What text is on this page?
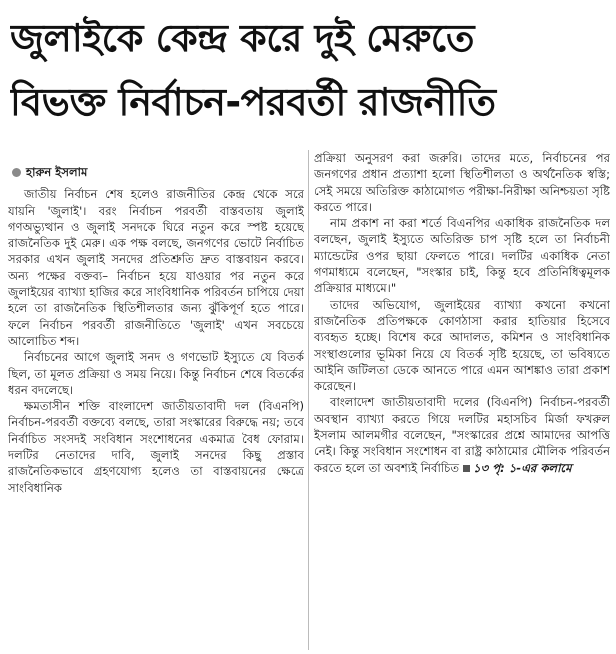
জুলাইকে কেন্দ্র করে দুই মেরুতে
বিভক্ত নির্বাচন-পরবর্তী রাজনীতি
হারুন ইসলাম

জাতীয় নির্বাচন শেষ হলেও রাজনীতির কেন্দ্র থেকে সরে যায়নি 'জুলাই'। বরং নির্বাচন পরবর্তী বাস্তবতায় জুলাই গণঅভ্যুত্থান ও জুলাই সনদকে ঘিরে নতুন করে স্পষ্ট হয়েছে রাজনৈতিক দুই মেরু। এক পক্ষ বলছে, জনগণের ভোটে নির্বাচিত সরকার এখন জুলাই সনদের প্রতিশ্রুতি দ্রুত বাস্তবায়ন করবে। অন্য পক্ষের বক্তব্য– নির্বাচন হয়ে যাওয়ার পর নতুন করে জুলাইয়ের ব্যাখ্যা হাজির করে সাংবিধানিক পরিবর্তন চাপিয়ে দেয়া হলে তা রাজনৈতিক স্থিতিশীলতার জন্য ঝুঁকিপূর্ণ হতে পারে। ফলে নির্বাচন পরবর্তী রাজনীতিতে 'জুলাই' এখন সবচেয়ে আলোচিত শব্দ।

নির্বাচনের আগে জুলাই সনদ ও গণভোট ইস্যুতে যে বিতর্ক ছিল, তা মূলত প্রক্রিয়া ও সময় নিয়ে। কিন্তু নির্বাচন শেষে বিতর্কের ধরন বদলেছে।

ক্ষমতাসীন শক্তি বাংলাদেশ জাতীয়তাবাদী দল (বিএনপি) নির্বাচন-পরবর্তী বক্তব্যে বলছে, তারা সংস্কারের বিরুদ্ধে নয়; তবে নির্বাচিত সংসদই সংবিধান সংশোধনের একমাত্র বৈধ ফোরাম। দলটির নেতাদের দাবি, জুলাই সনদের কিছু প্রস্তাব রাজনৈতিকভাবে গ্রহণযোগ্য হলেও তা বাস্তবায়নের ক্ষেত্রে সাংবিধানিক

প্রক্রিয়া অনুসরণ করা জরুরি। তাদের মতে, নির্বাচনের পর জনগণের প্রধান প্রত্যাশা হলো স্থিতিশীলতা ও অর্থনৈতিক স্বস্তি; সেই সময়ে অতিরিক্ত কাঠামোগত পরীক্ষা-নিরীক্ষা অনিশ্চয়তা সৃষ্টি করতে পারে।

নাম প্রকাশ না করা শর্তে বিএনপির একাধিক রাজনৈতিক দল বলছেন, জুলাই ইস্যুতে অতিরিক্ত চাপ সৃষ্টি হলে তা নির্বাচনী ম্যান্ডেটের ওপর ছায়া ফেলতে পারে। দলটির একাধিক নেতা গণমাধ্যমে বলেছেন, "সংস্কার চাই, কিন্তু হবে প্রতিনিধিত্বমূলক প্রক্রিয়ার মাধ্যমে।"

তাদের অভিযোগ, জুলাইয়ের ব্যাখ্যা কখনো কখনো রাজনৈতিক প্রতিপক্ষকে কোণঠাসা করার হাতিয়ার হিসেবে ব্যবহৃত হচ্ছে। বিশেষ করে আদালত, কমিশন ও সাংবিধানিক সংস্থাগুলোর ভূমিকা নিয়ে যে বিতর্ক সৃষ্টি হয়েছে, তা ভবিষ্যতে আইনি জটিলতা ডেকে আনতে পারে এমন আশঙ্কাও তারা প্রকাশ করেছেন।

বাংলাদেশ জাতীয়তাবাদী দলের (বিএনপি) নির্বাচন-পরবর্তী অবস্থান ব্যাখ্যা করতে গিয়ে দলটির মহাসচিব মির্জা ফখরুল ইসলাম আলমগীর বলেছেন, "সংস্কারের প্রশ্নে আমাদের আপত্তি নেই। কিন্তু সংবিধান সংশোধন বা রাষ্ট্র কাঠামোর মৌলিক পরিবর্তন করতে হলে তা অবশ্যই নির্বাচিত ১৩ পৃ: ১-এর কলামে
